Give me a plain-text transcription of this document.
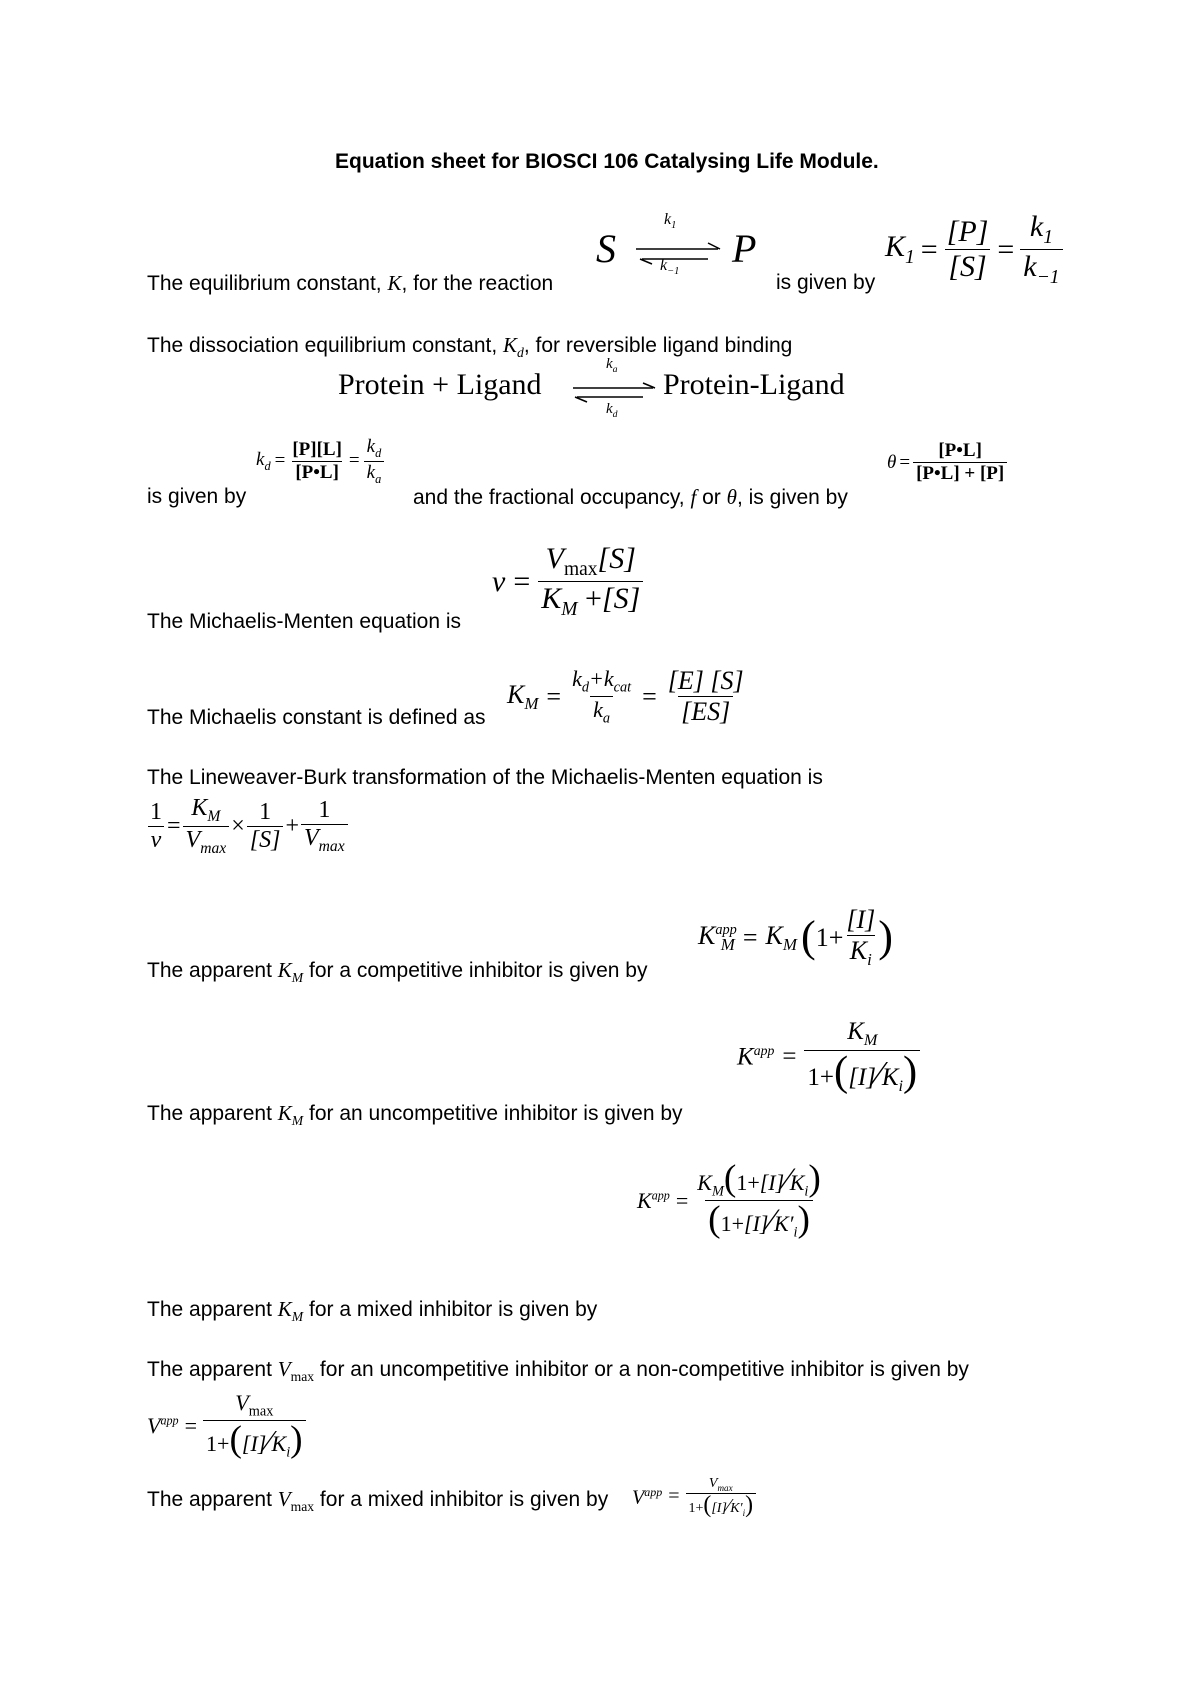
Equation sheet for BIOSCI 106 Catalysing Life Module.
The equilibrium constant, K, for the reaction
S
$k_1$
$k_{-1}$
P
is given by
$K_1 = \frac{[P]}{[S]} = \frac{k_1}{k_{-1}}$
The dissociation equilibrium constant, $K_d$, for reversible ligand binding
Protein + Ligand
$k_a$
$k_d$
Protein-Ligand
is given by
$k_d = \frac{[P][L]}{[P•L]} = \frac{k_d}{k_a}$
and the fractional occupancy, f or θ, is given by
$\theta = \frac{[P•L]}{[P•L] + [P]}$
The Michaelis-Menten equation is
$v = \frac{V_{max}[S]}{K_M +[S]}$
The Michaelis constant is defined as
$K_M = \frac{k_d+k_{cat}}{k_a} = \frac{[E] [S]}{[ES]}$
The Lineweaver-Burk transformation of the Michaelis-Menten equation is
$\frac{1}{v} = \frac{K_M}{V_{max}} \times \frac{1}{[S]} + \frac{1}{V_{max}}$
The apparent $K_M$ for a competitive inhibitor is given by
$K^{app}_M = K_M$ ( $1 + \frac{[I]}{K_i}$ )
The apparent $K_M$ for an uncompetitive inhibitor is given by
$K^{app} = \frac{K_M}{1+([I]⁄K_i)}$
The apparent $K_M$ for a mixed inhibitor is given by
$K^{app} = \frac{K_M(1+[I]⁄K_i)}{(1+[I]⁄K'_i)}$
The apparent $V_{max}$ for an uncompetitive inhibitor or a non-competitive inhibitor is given by
$V^{app} = \frac{V_{max}}{1+([I]⁄K_i)}$
The apparent $V_{max}$ for a mixed inhibitor is given by $V^{app} = \frac{V_{max}}{1+([I]⁄K'_i)}$
